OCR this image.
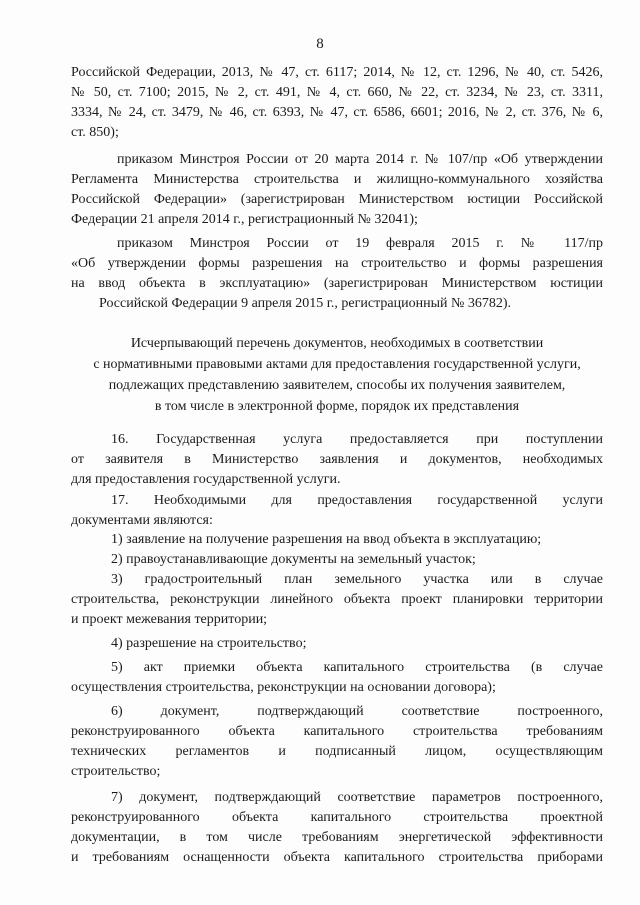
8
Российской Федерации, 2013, № 47, ст. 6117; 2014, № 12, ст. 1296, № 40, ст. 5426,
№ 50, ст. 7100; 2015, № 2, ст. 491, № 4, ст. 660, № 22, ст. 3234, № 23, ст. 3311,
3334, № 24, ст. 3479, № 46, ст. 6393, № 47, ст. 6586, 6601; 2016, № 2, ст. 376, № 6,
ст. 850);
приказом Минстроя России от 20 марта 2014 г. № 107/пр «Об утверждении
Регламента Министерства строительства и жилищно-коммунального хозяйства
Российской Федерации» (зарегистрирован Министерством юстиции Российской
Федерации 21 апреля 2014 г., регистрационный № 32041);
приказом Минстроя России от 19 февраля 2015 г. № 117/пр
«Об утверждении формы разрешения на строительство и формы разрешения
на ввод объекта в эксплуатацию» (зарегистрирован Министерством юстиции
Российской Федерации 9 апреля 2015 г., регистрационный № 36782).
Исчерпывающий перечень документов, необходимых в соответствии
с нормативными правовыми актами для предоставления государственной услуги,
подлежащих представлению заявителем, способы их получения заявителем,
в том числе в электронной форме, порядок их представления
16. Государственная услуга предоставляется при поступлении
от заявителя в Министерство заявления и документов, необходимых
для предоставления государственной услуги.
17. Необходимыми для предоставления государственной услуги
документами являются:
1) заявление на получение разрешения на ввод объекта в эксплуатацию;
2) правоустанавливающие документы на земельный участок;
3) градостроительный план земельного участка или в случае
строительства, реконструкции линейного объекта проект планировки территории
и проект межевания территории;
4) разрешение на строительство;
5) акт приемки объекта капитального строительства (в случае
осуществления строительства, реконструкции на основании договора);
6) документ, подтверждающий соответствие построенного,
реконструированного объекта капитального строительства требованиям
технических регламентов и подписанный лицом, осуществляющим
строительство;
7) документ, подтверждающий соответствие параметров построенного,
реконструированного объекта капитального строительства проектной
документации, в том числе требованиям энергетической эффективности
и требованиям оснащенности объекта капитального строительства приборами
